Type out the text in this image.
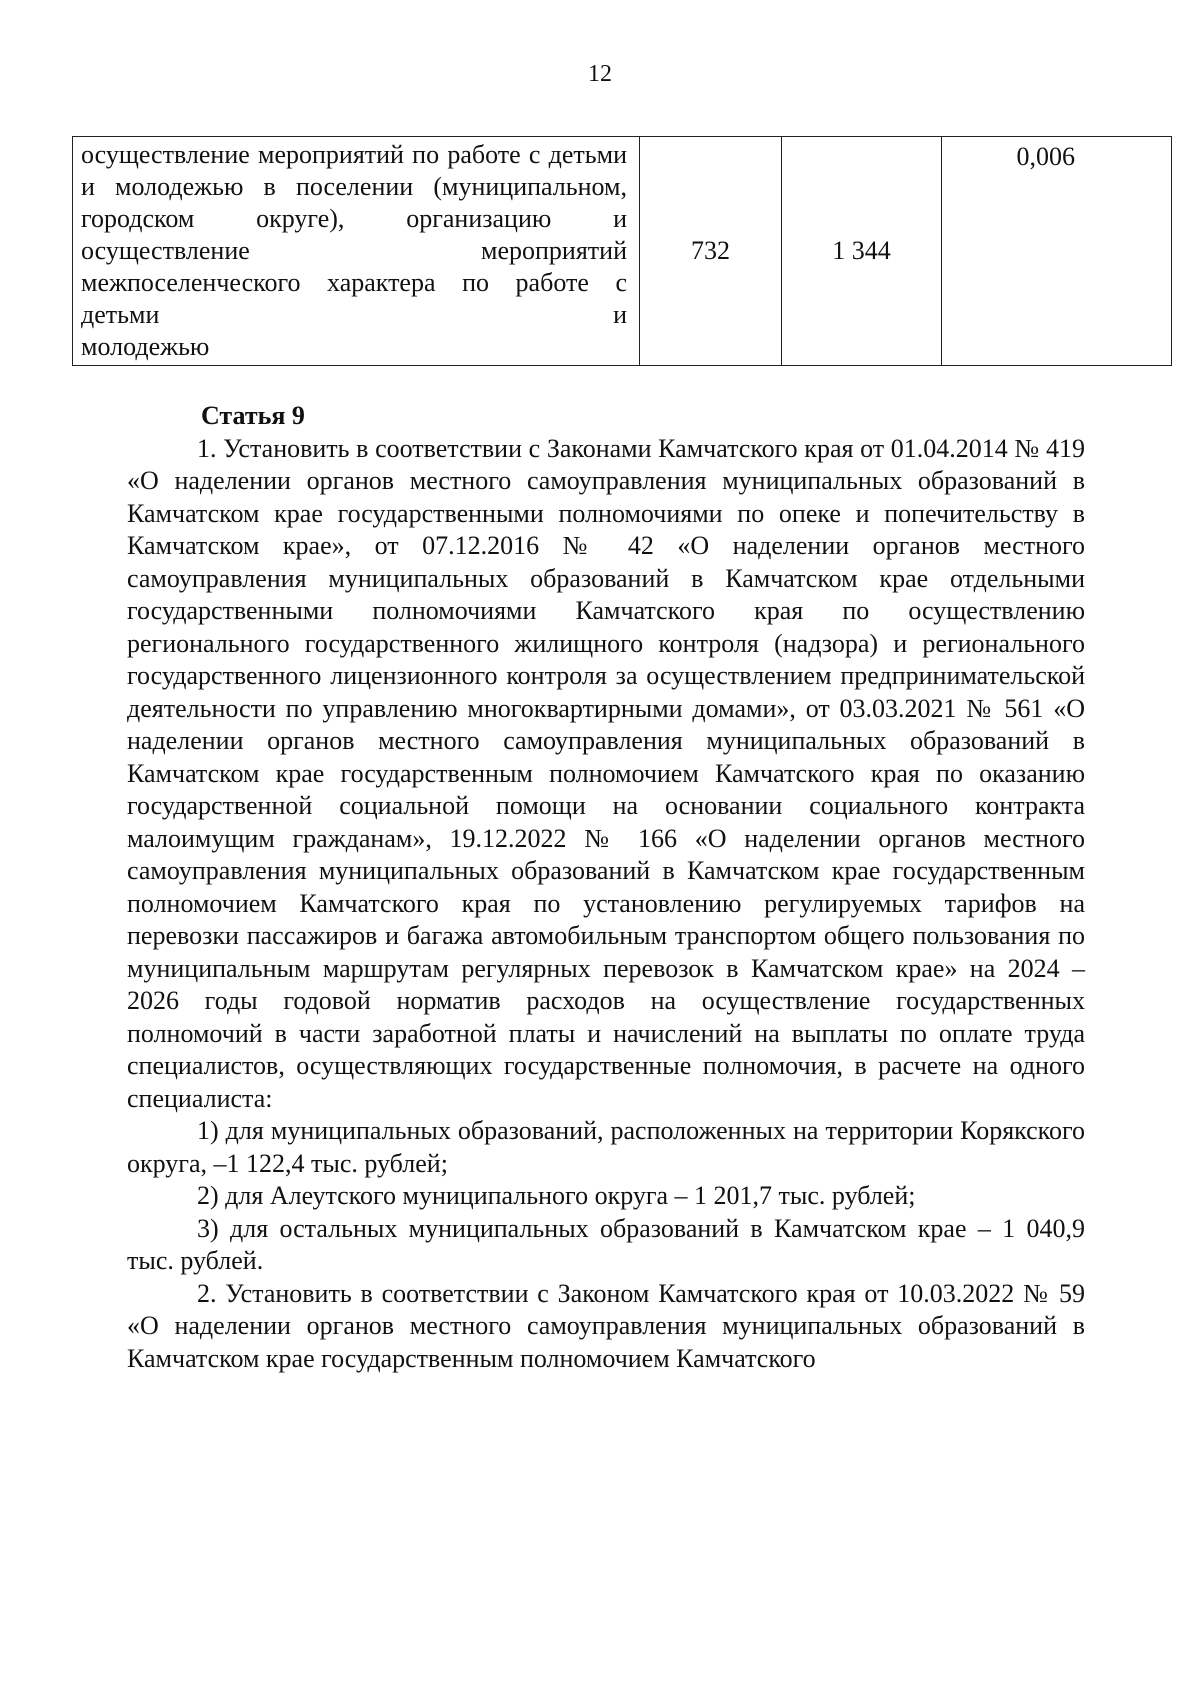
12
осуществление мероприятий по работе с детьми и молодежью в поселении (муниципальном, городском округе), организацию и осуществление мероприятий межпоселенческого характера по работе с детьми и
молодежью
	732	1 344	0,006

Статья 9

1. Установить в соответствии с Законами Камчатского края от 01.04.2014 № 419 «О наделении органов местного самоуправления муниципальных образований в Камчатском крае государственными полномочиями по опеке и попечительству в Камчатском крае», от 07.12.2016 № 42 «О наделении органов местного самоуправления муниципальных образований в Камчатском крае отдельными государственными полномочиями Камчатского края по осуществлению регионального государственного жилищного контроля (надзора) и регионального государственного лицензионного контроля за осуществлением предпринимательской деятельности по управлению многоквартирными домами», от 03.03.2021 № 561 «О наделении органов местного самоуправления муниципальных образований в Камчатском крае государственным полномочием Камчатского края по оказанию государственной социальной помощи на основании социального контракта малоимущим гражданам», 19.12.2022 № 166 «О наделении органов местного самоуправления муниципальных образований в Камчатском крае государственным полномочием Камчатского края по установлению регулируемых тарифов на перевозки пассажиров и багажа автомобильным транспортом общего пользования по муниципальным маршрутам регулярных перевозок в Камчатском крае» на 2024 – 2026 годы годовой норматив расходов на осуществление государственных полномочий в части заработной платы и начислений на выплаты по оплате труда специалистов, осуществляющих государственные полномочия, в расчете на одного специалиста:

1) для муниципальных образований, расположенных на территории Корякского округа, –1 122,4 тыс. рублей;

2) для Алеутского муниципального округа – 1 201,7 тыс. рублей;

3) для остальных муниципальных образований в Камчатском крае – 1 040,9 тыс. рублей.

2. Установить в соответствии с Законом Камчатского края от 10.03.2022 № 59 «О наделении органов местного самоуправления муниципальных образований в Камчатском крае государственным полномочием Камчатского
